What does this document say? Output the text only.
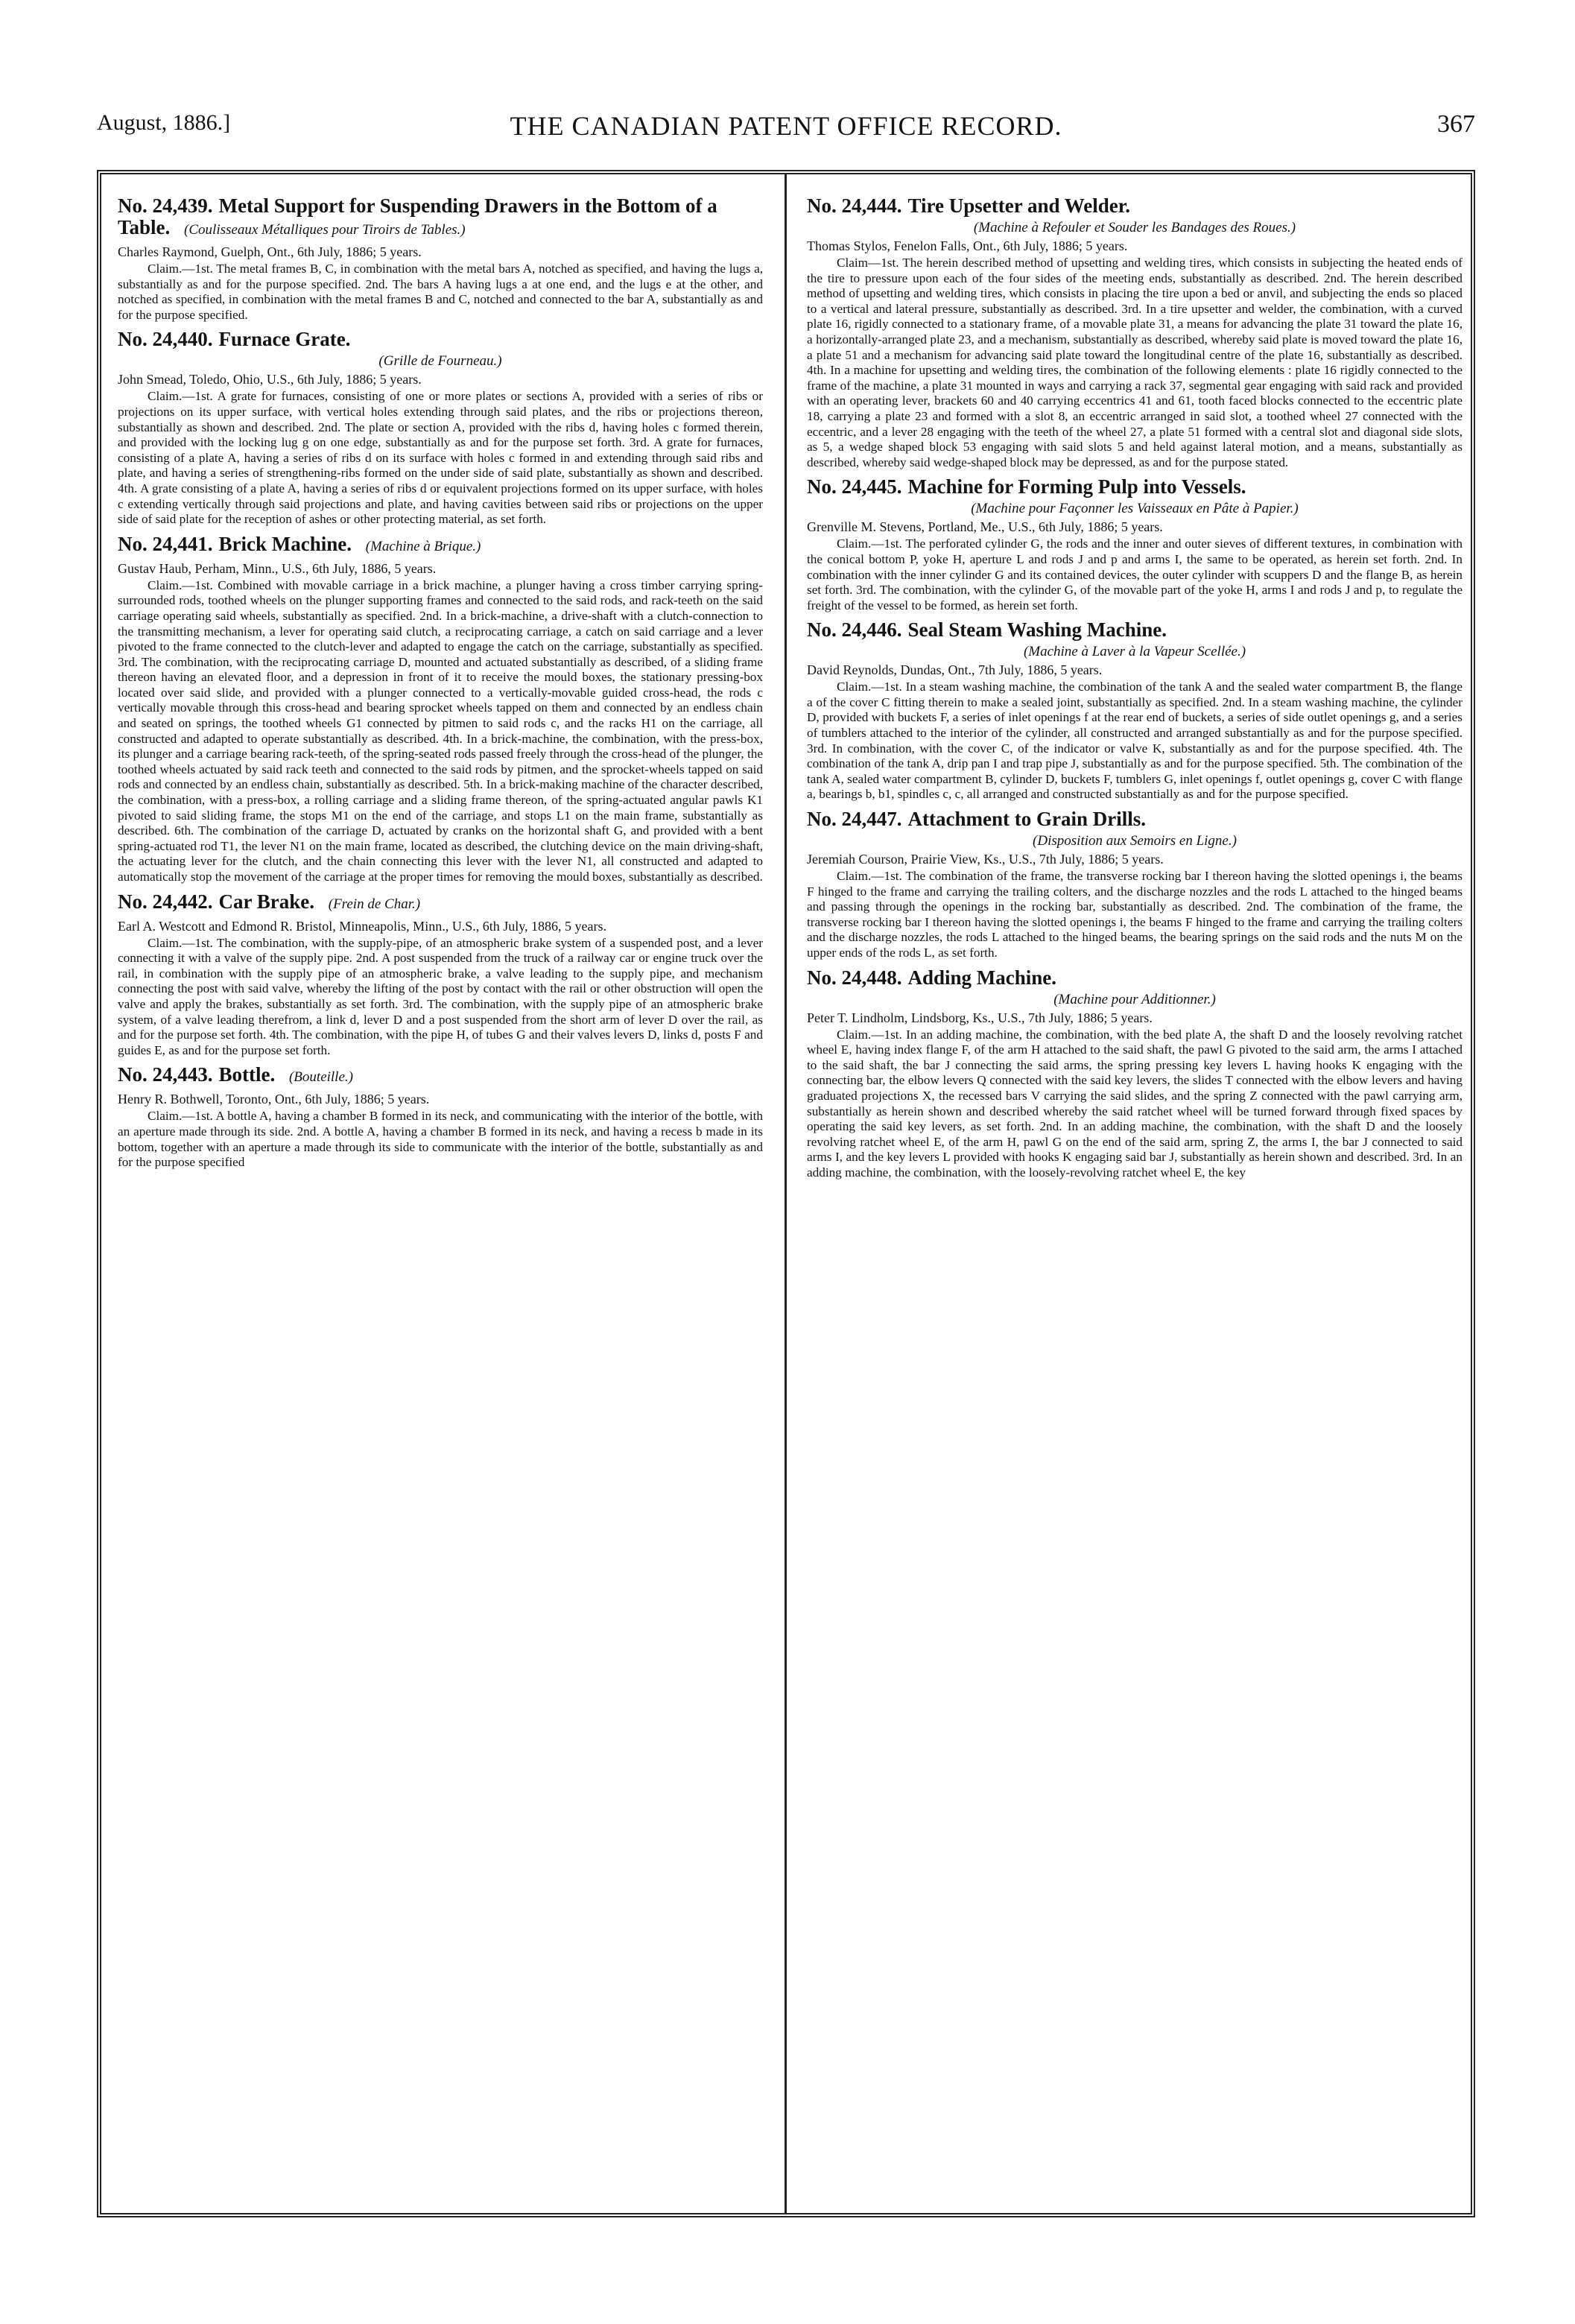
August, 1886.]	THE CANADIAN PATENT OFFICE RECORD.	367
No. 24,439. Metal Support for Suspending Drawers in the Bottom of a Table. (Coulisseaux Métalliques pour Tiroirs de Tables.)

Charles Raymond, Guelph, Ont., 6th July, 1886; 5 years.

Claim.—1st. The metal frames B, C, in combination with the metal bars A, notched as specified, and having the lugs a, substantially as and for the purpose specified. 2nd. The bars A having lugs a at one end, and the lugs e at the other, and notched as specified, in combination with the metal frames B and C, notched and connected to the bar A, substantially as and for the purpose specified.

No. 24,440. Furnace Grate.

(Grille de Fourneau.)

John Smead, Toledo, Ohio, U.S., 6th July, 1886; 5 years.

Claim.—1st. A grate for furnaces, consisting of one or more plates or sections A, provided with a series of ribs or projections on its upper surface, with vertical holes extending through said plates, and the ribs or projections thereon, substantially as shown and described. 2nd. The plate or section A, provided with the ribs d, having holes c formed therein, and provided with the locking lug g on one edge, substantially as and for the purpose set forth. 3rd. A grate for furnaces, consisting of a plate A, having a series of ribs d on its surface with holes c formed in and extending through said ribs and plate, and having a series of strengthening-ribs formed on the under side of said plate, substantially as shown and described. 4th. A grate consisting of a plate A, having a series of ribs d or equivalent projections formed on its upper surface, with holes c extending vertically through said projections and plate, and having cavities between said ribs or projections on the upper side of said plate for the reception of ashes or other protecting material, as set forth.

No. 24,441. Brick Machine. (Machine à Brique.)

Gustav Haub, Perham, Minn., U.S., 6th July, 1886, 5 years.

Claim.—1st. Combined with movable carriage in a brick machine, a plunger having a cross timber carrying spring-surrounded rods, toothed wheels on the plunger supporting frames and connected to the said rods, and rack-teeth on the said carriage operating said wheels, substantially as specified. 2nd. In a brick-machine, a drive-shaft with a clutch-connection to the transmitting mechanism, a lever for operating said clutch, a reciprocating carriage, a catch on said carriage and a lever pivoted to the frame connected to the clutch-lever and adapted to engage the catch on the carriage, substantially as specified. 3rd. The combination, with the reciprocating carriage D, mounted and actuated substantially as described, of a sliding frame thereon having an elevated floor, and a depression in front of it to receive the mould boxes, the stationary pressing-box located over said slide, and provided with a plunger connected to a vertically-movable guided cross-head, the rods c vertically movable through this cross-head and bearing sprocket wheels tapped on them and connected by an endless chain and seated on springs, the toothed wheels G1 connected by pitmen to said rods c, and the racks H1 on the carriage, all constructed and adapted to operate substantially as described. 4th. In a brick-machine, the combination, with the press-box, its plunger and a carriage bearing rack-teeth, of the spring-seated rods passed freely through the cross-head of the plunger, the toothed wheels actuated by said rack teeth and connected to the said rods by pitmen, and the sprocket-wheels tapped on said rods and connected by an endless chain, substantially as described. 5th. In a brick-making machine of the character described, the combination, with a press-box, a rolling carriage and a sliding frame thereon, of the spring-actuated angular pawls K1 pivoted to said sliding frame, the stops M1 on the end of the carriage, and stops L1 on the main frame, substantially as described. 6th. The combination of the carriage D, actuated by cranks on the horizontal shaft G, and provided with a bent spring-actuated rod T1, the lever N1 on the main frame, located as described, the clutching device on the main driving-shaft, the actuating lever for the clutch, and the chain connecting this lever with the lever N1, all constructed and adapted to automatically stop the movement of the carriage at the proper times for removing the mould boxes, substantially as described.

No. 24,442. Car Brake. (Frein de Char.)

Earl A. Westcott and Edmond R. Bristol, Minneapolis, Minn., U.S., 6th July, 1886, 5 years.

Claim.—1st. The combination, with the supply-pipe, of an atmospheric brake system of a suspended post, and a lever connecting it with a valve of the supply pipe. 2nd. A post suspended from the truck of a railway car or engine truck over the rail, in combination with the supply pipe of an atmospheric brake, a valve leading to the supply pipe, and mechanism connecting the post with said valve, whereby the lifting of the post by contact with the rail or other obstruction will open the valve and apply the brakes, substantially as set forth. 3rd. The combination, with the supply pipe of an atmospheric brake system, of a valve leading therefrom, a link d, lever D and a post suspended from the short arm of lever D over the rail, as and for the purpose set forth. 4th. The combination, with the pipe H, of tubes G and their valves levers D, links d, posts F and guides E, as and for the purpose set forth.

No. 24,443. Bottle. (Bouteille.)

Henry R. Bothwell, Toronto, Ont., 6th July, 1886; 5 years.

Claim.—1st. A bottle A, having a chamber B formed in its neck, and communicating with the interior of the bottle, with an aperture made through its side. 2nd. A bottle A, having a chamber B formed in its neck, and having a recess b made in its bottom, together with an aperture a made through its side to communicate with the interior of the bottle, substantially as and for the purpose specified

No. 24,444. Tire Upsetter and Welder.

(Machine à Refouler et Souder les Bandages des Roues.)

Thomas Stylos, Fenelon Falls, Ont., 6th July, 1886; 5 years.

Claim—1st. The herein described method of upsetting and welding tires, which consists in subjecting the heated ends of the tire to pressure upon each of the four sides of the meeting ends, substantially as described. 2nd. The herein described method of upsetting and welding tires, which consists in placing the tire upon a bed or anvil, and subjecting the ends so placed to a vertical and lateral pressure, substantially as described. 3rd. In a tire upsetter and welder, the combination, with a curved plate 16, rigidly connected to a stationary frame, of a movable plate 31, a means for advancing the plate 31 toward the plate 16, a horizontally-arranged plate 23, and a mechanism, substantially as described, whereby said plate is moved toward the plate 16, a plate 51 and a mechanism for advancing said plate toward the longitudinal centre of the plate 16, substantially as described. 4th. In a machine for upsetting and welding tires, the combination of the following elements : plate 16 rigidly connected to the frame of the machine, a plate 31 mounted in ways and carrying a rack 37, segmental gear engaging with said rack and provided with an operating lever, brackets 60 and 40 carrying eccentrics 41 and 61, tooth faced blocks connected to the eccentric plate 18, carrying a plate 23 and formed with a slot 8, an eccentric arranged in said slot, a toothed wheel 27 connected with the eccentric, and a lever 28 engaging with the teeth of the wheel 27, a plate 51 formed with a central slot and diagonal side slots, as 5, a wedge shaped block 53 engaging with said slots 5 and held against lateral motion, and a means, substantially as described, whereby said wedge-shaped block may be depressed, as and for the purpose stated.

No. 24,445. Machine for Forming Pulp into Vessels.

(Machine pour Façonner les Vaisseaux en Pâte à Papier.)

Grenville M. Stevens, Portland, Me., U.S., 6th July, 1886; 5 years.

Claim.—1st. The perforated cylinder G, the rods and the inner and outer sieves of different textures, in combination with the conical bottom P, yoke H, aperture L and rods J and p and arms I, the same to be operated, as herein set forth. 2nd. In combination with the inner cylinder G and its contained devices, the outer cylinder with scuppers D and the flange B, as herein set forth. 3rd. The combination, with the cylinder G, of the movable part of the yoke H, arms I and rods J and p, to regulate the freight of the vessel to be formed, as herein set forth.

No. 24,446. Seal Steam Washing Machine.

(Machine à Laver à la Vapeur Scellée.)

David Reynolds, Dundas, Ont., 7th July, 1886, 5 years.

Claim.—1st. In a steam washing machine, the combination of the tank A and the sealed water compartment B, the flange a of the cover C fitting therein to make a sealed joint, substantially as specified. 2nd. In a steam washing machine, the cylinder D, provided with buckets F, a series of inlet openings f at the rear end of buckets, a series of side outlet openings g, and a series of tumblers attached to the interior of the cylinder, all constructed and arranged substantially as and for the purpose specified. 3rd. In combination, with the cover C, of the indicator or valve K, substantially as and for the purpose specified. 4th. The combination of the tank A, drip pan I and trap pipe J, substantially as and for the purpose specified. 5th. The combination of the tank A, sealed water compartment B, cylinder D, buckets F, tumblers G, inlet openings f, outlet openings g, cover C with flange a, bearings b, b1, spindles c, c, all arranged and constructed substantially as and for the purpose specified.

No. 24,447. Attachment to Grain Drills.

(Disposition aux Semoirs en Ligne.)

Jeremiah Courson, Prairie View, Ks., U.S., 7th July, 1886; 5 years.

Claim.—1st. The combination of the frame, the transverse rocking bar I thereon having the slotted openings i, the beams F hinged to the frame and carrying the trailing colters, and the discharge nozzles and the rods L attached to the hinged beams and passing through the openings in the rocking bar, substantially as described. 2nd. The combination of the frame, the transverse rocking bar I thereon having the slotted openings i, the beams F hinged to the frame and carrying the trailing colters and the discharge nozzles, the rods L attached to the hinged beams, the bearing springs on the said rods and the nuts M on the upper ends of the rods L, as set forth.

No. 24,448. Adding Machine.

(Machine pour Additionner.)

Peter T. Lindholm, Lindsborg, Ks., U.S., 7th July, 1886; 5 years.

Claim.—1st. In an adding machine, the combination, with the bed plate A, the shaft D and the loosely revolving ratchet wheel E, having index flange F, of the arm H attached to the said shaft, the pawl G pivoted to the said arm, the arms I attached to the said shaft, the bar J connecting the said arms, the spring pressing key levers L having hooks K engaging with the connecting bar, the elbow levers Q connected with the said key levers, the slides T connected with the elbow levers and having graduated projections X, the recessed bars V carrying the said slides, and the spring Z connected with the pawl carrying arm, substantially as herein shown and described whereby the said ratchet wheel will be turned forward through fixed spaces by operating the said key levers, as set forth. 2nd. In an adding machine, the combination, with the shaft D and the loosely revolving ratchet wheel E, of the arm H, pawl G on the end of the said arm, spring Z, the arms I, the bar J connected to said arms I, and the key levers L provided with hooks K engaging said bar J, substantially as herein shown and described. 3rd. In an adding machine, the combination, with the loosely-revolving ratchet wheel E, the key
